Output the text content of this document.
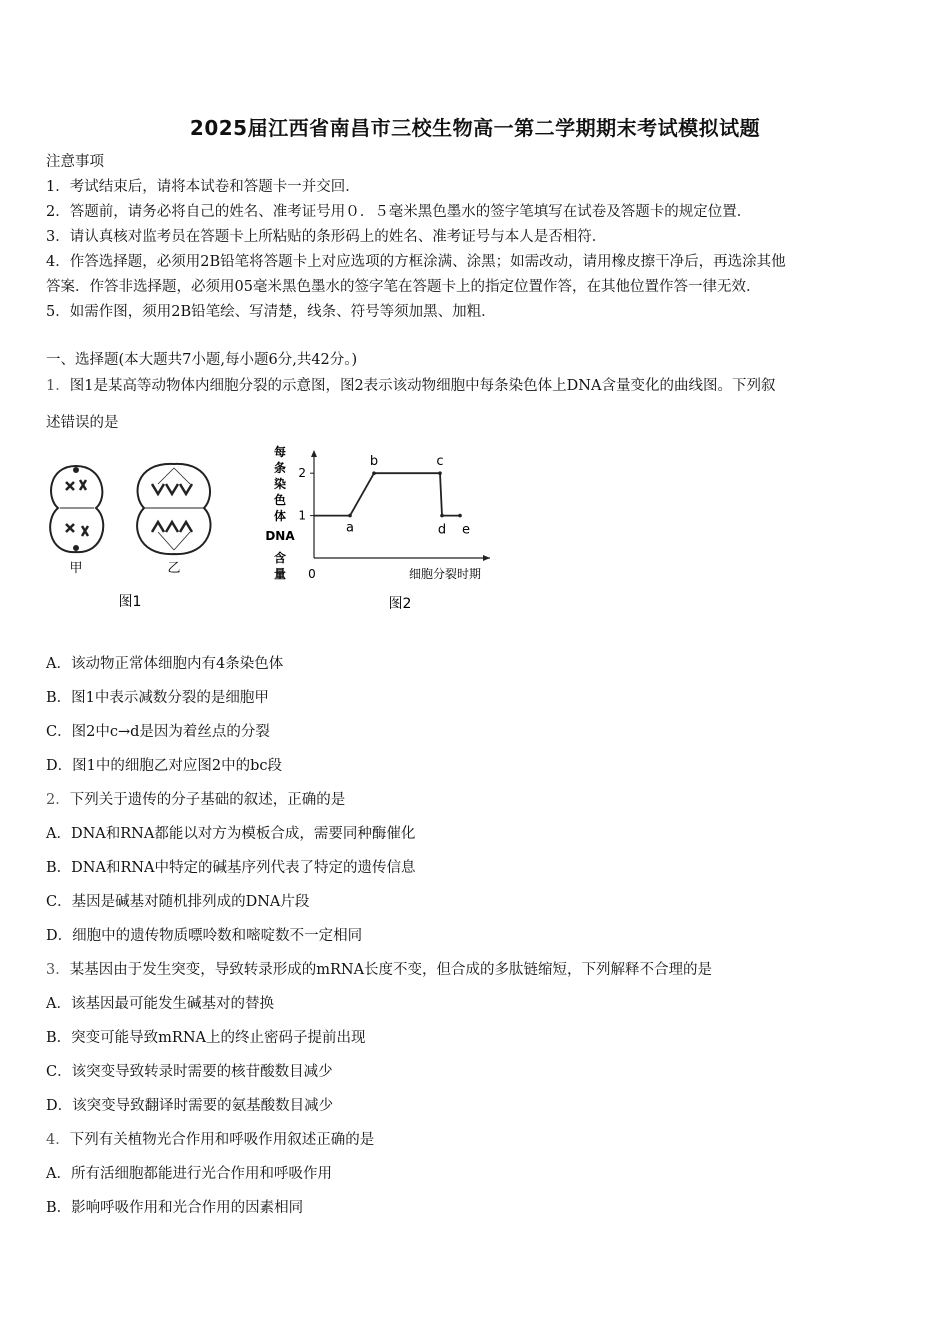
2025届江西省南昌市三校生物高一第二学期期末考试模拟试题
注意事项
1．考试结束后，请将本试卷和答题卡一并交回．
2．答题前，请务必将自己的姓名、准考证号用０．５毫米黑色墨水的签字笔填写在试卷及答题卡的规定位置．
3．请认真核对监考员在答题卡上所粘贴的条形码上的姓名、准考证号与本人是否相符．
4．作答选择题，必须用2B铅笔将答题卡上对应选项的方框涂满、涂黑；如需改动，请用橡皮擦干净后，再选涂其他
答案．作答非选择题，必须用05毫米黑色墨水的签字笔在答题卡上的指定位置作答，在其他位置作答一律无效．
5．如需作图，须用2B铅笔绘、写清楚，线条、符号等须加黑、加粗．
一、选择题(本大题共7小题,每小题6分,共42分。)
1．图1是某高等动物体内细胞分裂的示意图，图2表示该动物细胞中每条染色体上DNA含量变化的曲线图。下列叙
述错误的是
甲	乙
图1
每
条
染
色
体
DNA
含
量
1
2
a
b	c
d e
0	细胞分裂时期
图2
A．该动物正常体细胞内有4条染色体
B．图1中表示减数分裂的是细胞甲
C．图2中c→d是因为着丝点的分裂
D．图1中的细胞乙对应图2中的bc段
2．下列关于遗传的分子基础的叙述，正确的是
A．DNA和RNA都能以对方为模板合成，需要同种酶催化
B．DNA和RNA中特定的碱基序列代表了特定的遗传信息
C．基因是碱基对随机排列成的DNA片段
D．细胞中的遗传物质嘌呤数和嘧啶数不一定相同
3．某基因由于发生突变，导致转录形成的mRNA长度不变，但合成的多肽链缩短，下列解释不合理的是
A．该基因最可能发生碱基对的替换
B．突变可能导致mRNA上的终止密码子提前出现
C．该突变导致转录时需要的核苷酸数目减少
D．该突变导致翻译时需要的氨基酸数目减少
4．下列有关植物光合作用和呼吸作用叙述正确的是
A．所有活细胞都能进行光合作用和呼吸作用
B．影响呼吸作用和光合作用的因素相同
